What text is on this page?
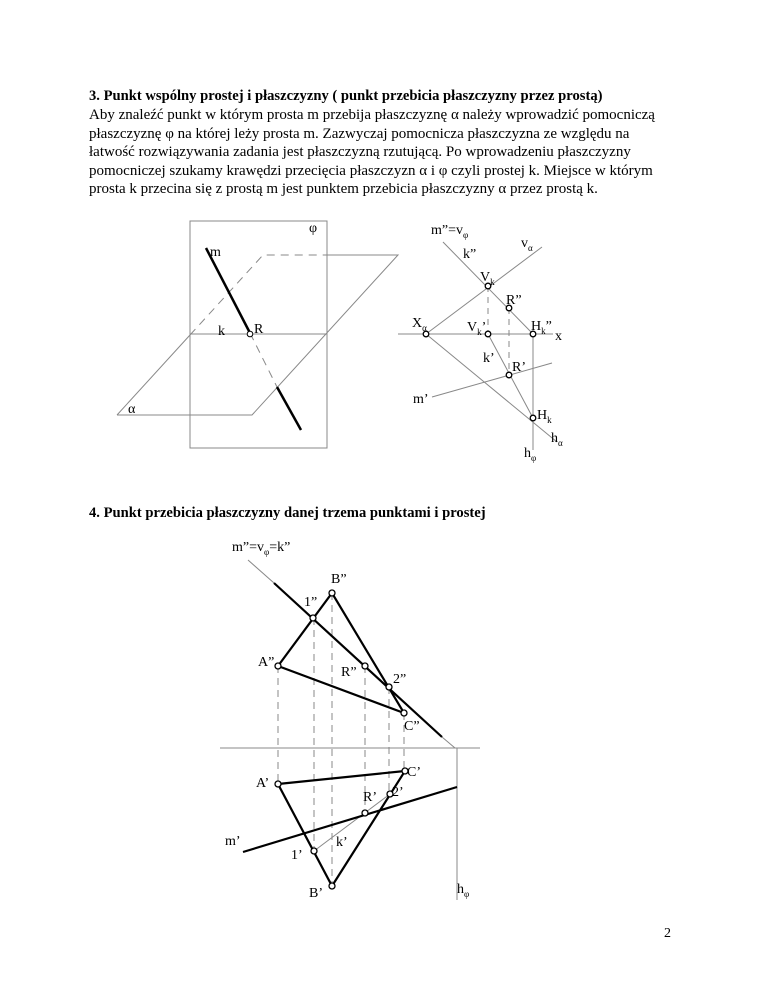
3. Punkt wspólny prostej i płaszczyzny ( punkt przebicia płaszczyzny przez prostą)
Aby znaleźć punkt w którym prosta m przebija płaszczyznę α należy wprowadzić pomocniczą
płaszczyznę φ na której leży prosta m. Zazwyczaj pomocnicza płaszczyzna ze względu na
łatwość rozwiązywania zadania jest płaszczyzną rzutującą. Po wprowadzeniu płaszczyzny
pomocniczej szukamy krawędzi przecięcia płaszczyzn α i φ czyli prostej k. Miejsce w którym
prosta k przecina się z prostą m jest punktem przebicia płaszczyzny α przez prostą k.
4. Punkt przebicia płaszczyzny danej trzema punktami i prostej
φ
m
k R
α
$m”=v_\varphi$
k”
$v_\alpha$
$V_k$
R”
$X_\alpha$	$V_k$’	$H_k$”
x
k’
R’
m’
$H_k$
$h_\alpha$
$h_\varphi$
$m”=v_\varphi=k$”
B”
1”
A”
R”	2”
C”
A’
C’
R’ 2’
m’	k’
1’
B’	$h_\varphi$
2
